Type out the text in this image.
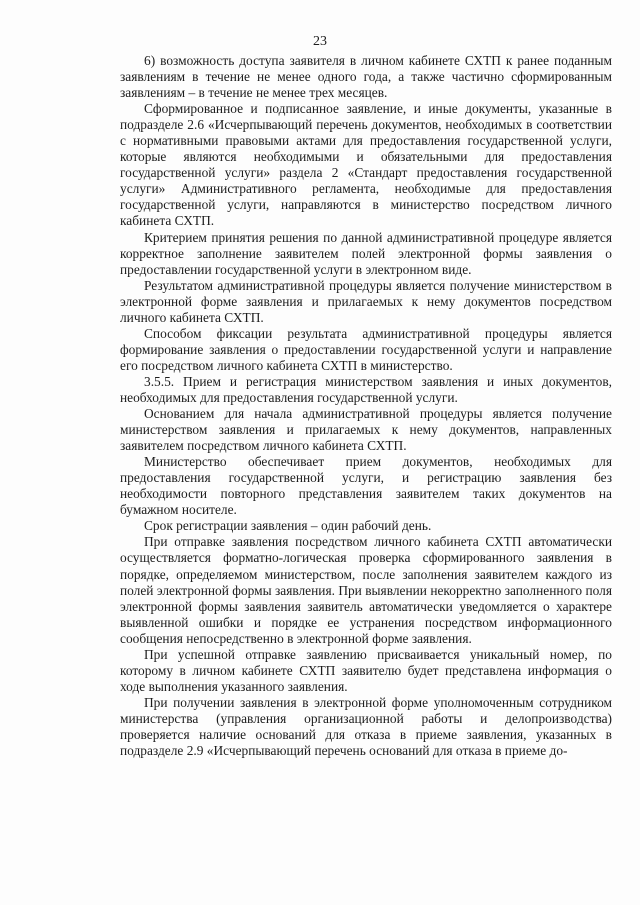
23

6) возможность доступа заявителя в личном кабинете СХТП к ранее поданным заявлениям в течение не менее одного года, а также частично сформированным заявлениям – в течение не менее трех месяцев.

Сформированное и подписанное заявление, и иные документы, указанные в подразделе 2.6 «Исчерпывающий перечень документов, необходимых в соответствии с нормативными правовыми актами для предоставления государственной услуги, которые являются необходимыми и обязательными для предоставления государственной услуги» раздела 2 «Стандарт предоставления государственной услуги» Административного регламента, необходимые для предоставления государственной услуги, направляются в министерство посредством личного кабинета СХТП.

Критерием принятия решения по данной административной процедуре является корректное заполнение заявителем полей электронной формы заявления о предоставлении государственной услуги в электронном виде.

Результатом административной процедуры является получение министерством в электронной форме заявления и прилагаемых к нему документов посредством личного кабинета СХТП.

Способом фиксации результата административной процедуры является формирование заявления о предоставлении государственной услуги и направление его посредством личного кабинета СХТП в министерство.

3.5.5. Прием и регистрация министерством заявления и иных документов, необходимых для предоставления государственной услуги.

Основанием для начала административной процедуры является получение министерством заявления и прилагаемых к нему документов, направленных заявителем посредством личного кабинета СХТП.

Министерство обеспечивает прием документов, необходимых для предоставления государственной услуги, и регистрацию заявления без необходимости повторного представления заявителем таких документов на бумажном носителе.

Срок регистрации заявления – один рабочий день.

При отправке заявления посредством личного кабинета СХТП автоматически осуществляется форматно-логическая проверка сформированного заявления в порядке, определяемом министерством, после заполнения заявителем каждого из полей электронной формы заявления. При выявлении некорректно заполненного поля электронной формы заявления заявитель автоматически уведомляется о характере выявленной ошибки и порядке ее устранения посредством информационного сообщения непосредственно в электронной форме заявления.

При успешной отправке заявлению присваивается уникальный номер, по которому в личном кабинете СХТП заявителю будет представлена информация о ходе выполнения указанного заявления.

При получении заявления в электронной форме уполномоченным сотрудником министерства (управления организационной работы и делопроизводства) проверяется наличие оснований для отказа в приеме заявления, указанных в подразделе 2.9 «Исчерпывающий перечень оснований для отказа в приеме до-
